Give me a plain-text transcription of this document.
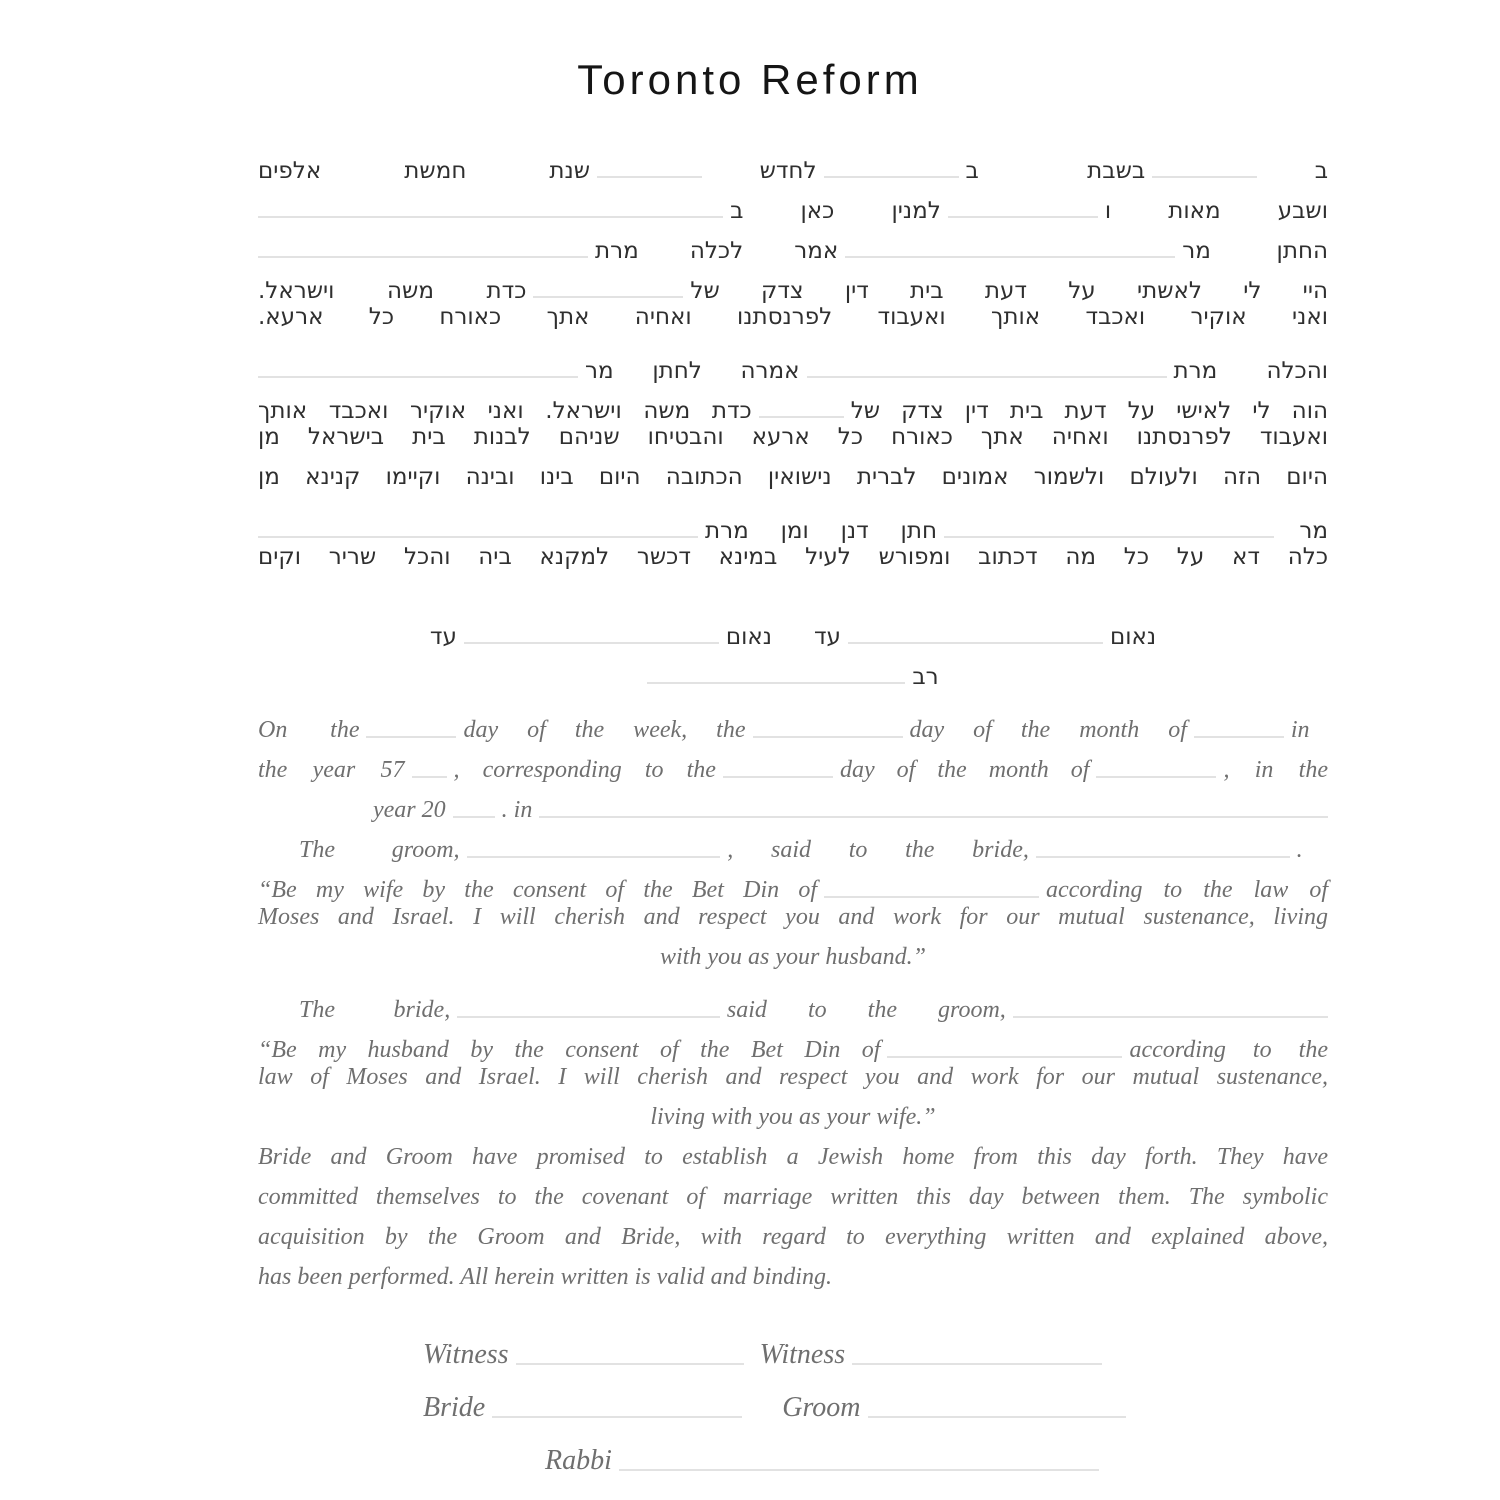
Toronto Reform
ב
בשבת ב
לחדש
שנת חמשת אלפים
ושבע מאות ו
למנין כאן ב
החתן מר
אמר לכלה מרת
היי לי לאשתי על דעת בית דין צדק של
כדת משה וישראל.
ואני אוקיר ואכבד אותך ואעבוד לפרנסתנו ואחיה אתך כאורח כל ארעא.
והכלה מרת
אמרה לחתן מר
הוה לי לאישי על דעת בית דין צדק של
כדת משה וישראל. ואני אוקיר ואכבד אותך
ואעבוד לפרנסתנו ואחיה אתך כאורח כל ארעא והבטיחו שניהם לבנות בית בישראל מן
היום הזה ולעולם ולשמור אמונים לברית נישואין הכתובה היום בינו ובינה וקיימו קנינא מן
מר
חתן דנן ומן מרת
כלה דא על כל מה דכתוב ומפורש לעיל במינא דכשר למקנא ביה והכל שריר וקים
נאום
עד
נאום
עד
רב
On the	day of the week, the	day of the month of	in
the year 57 , corresponding to the	day of the month of	, in the
year 20 . in
The groom,	, said to the bride,	.
“Be my wife by the consent of the Bet Din of	according to the law of
Moses and Israel. I will cherish and respect you and work for our mutual sustenance, living
with you as your husband.”
The bride,	said to the groom,
“Be my husband by the consent of the Bet Din of	according to the
law of Moses and Israel. I will cherish and respect you and work for our mutual sustenance,
living with you as your wife.”
Bride and Groom have promised to establish a Jewish home from this day forth. They have
committed themselves to the covenant of marriage written this day between them. The symbolic
acquisition by the Groom and Bride, with regard to everything written and explained above,
has been performed. All herein written is valid and binding.
Witness	Witness
Bride	Groom
Rabbi
